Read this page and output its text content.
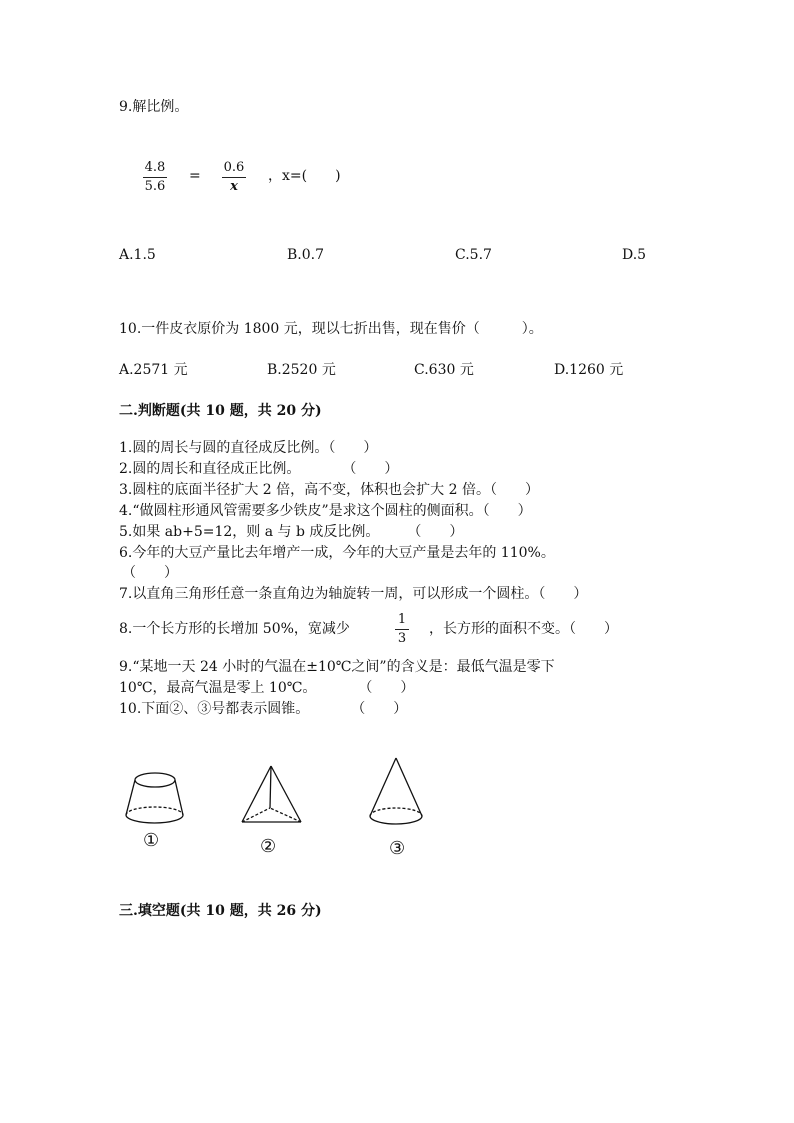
9.解比例。
4.8
5.6
=
0.6
x
，x=(　　)
A.1.5	B.0.7	C.5.7	D.5
10.一件皮衣原价为 1800 元，现以七折出售，现在售价（　　　）。
A.2571 元	B.2520 元	C.630 元	D.1260 元
二.判断题(共 10 题，共 20 分)
1.圆的周长与圆的直径成反比例。（　　）
2.圆的周长和直径成正比例。　　　　（　　）
3.圆柱的底面半径扩大 2 倍，高不变，体积也会扩大 2 倍。（　　）
4.“做圆柱形通风管需要多少铁皮”是求这个圆柱的侧面积。（　　）
5.如果 ab+5=12，则 a 与 b 成反比例。　　　（　　）
6.今年的大豆产量比去年增产一成，今年的大豆产量是去年的 110%。
（　　）
7.以直角三角形任意一条直角边为轴旋转一周，可以形成一个圆柱。（　　）
8.一个长方形的长增加 50%，宽减少
1
3
，长方形的面积不变。（　　）
9.“某地一天 24 小时的气温在±10℃之间”的含义是：最低气温是零下
10℃，最高气温是零上 10℃。　　　　（　　）
10.下面②、③号都表示圆锥。　　　　（　　）
①	②	③
三.填空题(共 10 题，共 26 分)
